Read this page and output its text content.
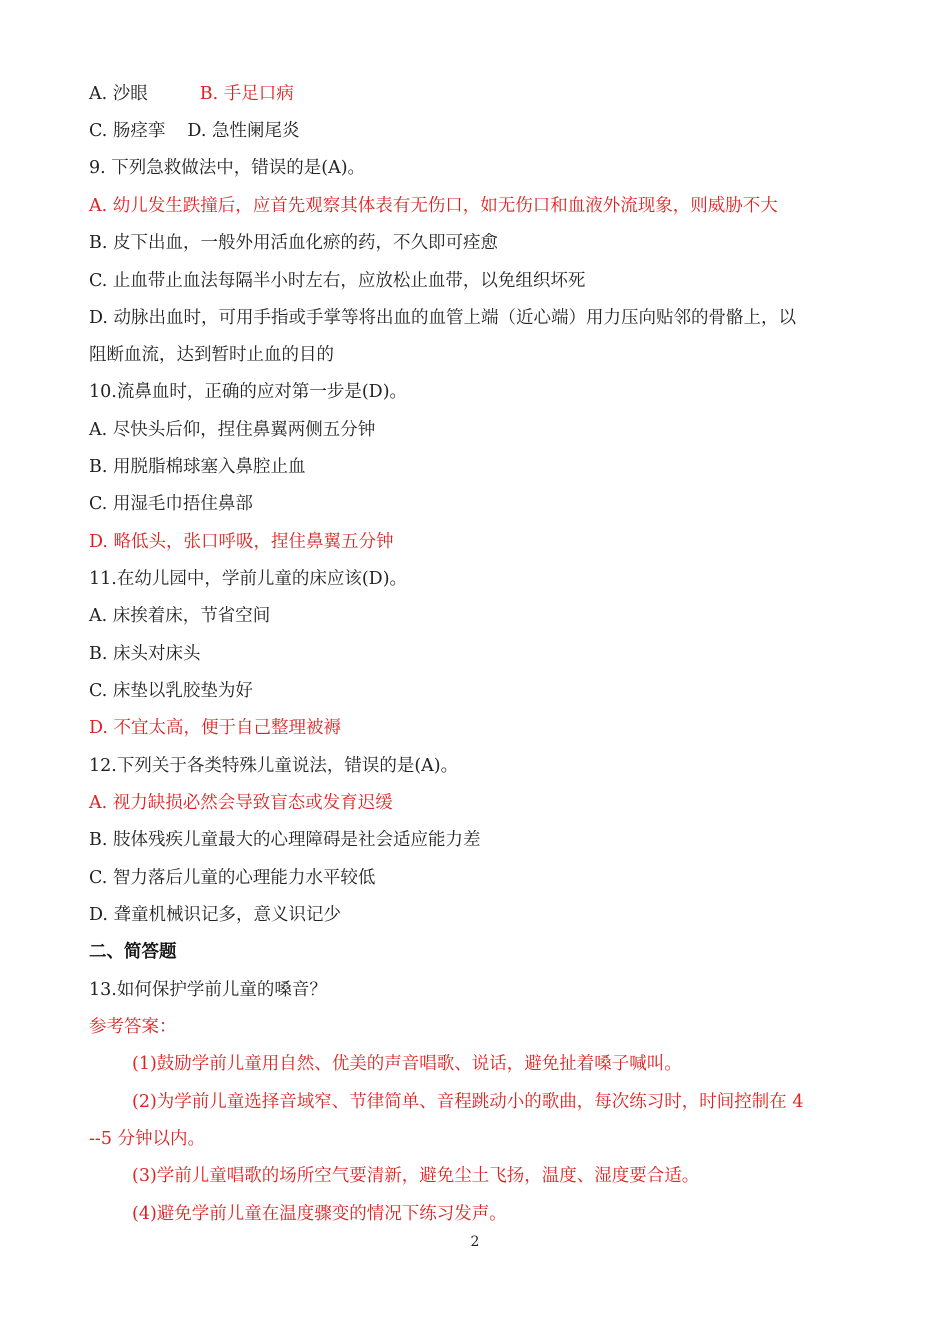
A. 沙眼	B. 手足口病
C. 肠痉挛 D. 急性阑尾炎
9. 下列急救做法中，错误的是(A)。
A. 幼儿发生跌撞后，应首先观察其体表有无伤口，如无伤口和血液外流现象，则威胁不大
B. 皮下出血，一般外用活血化瘀的药，不久即可痊愈
C. 止血带止血法每隔半小时左右，应放松止血带，以免组织坏死
D. 动脉出血时，可用手指或手掌等将出血的血管上端（近心端）用力压向贴邻的骨骼上，以
阻断血流，达到暂时止血的目的
10.流鼻血时，正确的应对第一步是(D)。
A. 尽快头后仰，捏住鼻翼两侧五分钟
B. 用脱脂棉球塞入鼻腔止血
C. 用湿毛巾捂住鼻部
D. 略低头，张口呼吸，捏住鼻翼五分钟
11.在幼儿园中，学前儿童的床应该(D)。
A. 床挨着床，节省空间
B. 床头对床头
C. 床垫以乳胶垫为好
D. 不宜太高，便于自己整理被褥
12.下列关于各类特殊儿童说法，错误的是(A)。
A. 视力缺损必然会导致盲态或发育迟缓
B. 肢体残疾儿童最大的心理障碍是社会适应能力差
C. 智力落后儿童的心理能力水平较低
D. 聋童机械识记多，意义识记少
二、简答题
13.如何保护学前儿童的嗓音？
参考答案：
(1)鼓励学前儿童用自然、优美的声音唱歌、说话，避免扯着嗓子喊叫。
(2)为学前儿童选择音域窄、节律简单、音程跳动小的歌曲，每次练习时，时间控制在 4
--5 分钟以内。
(3)学前儿童唱歌的场所空气要清新，避免尘土飞扬，温度、湿度要合适。
(4)避免学前儿童在温度骤变的情况下练习发声。
2
